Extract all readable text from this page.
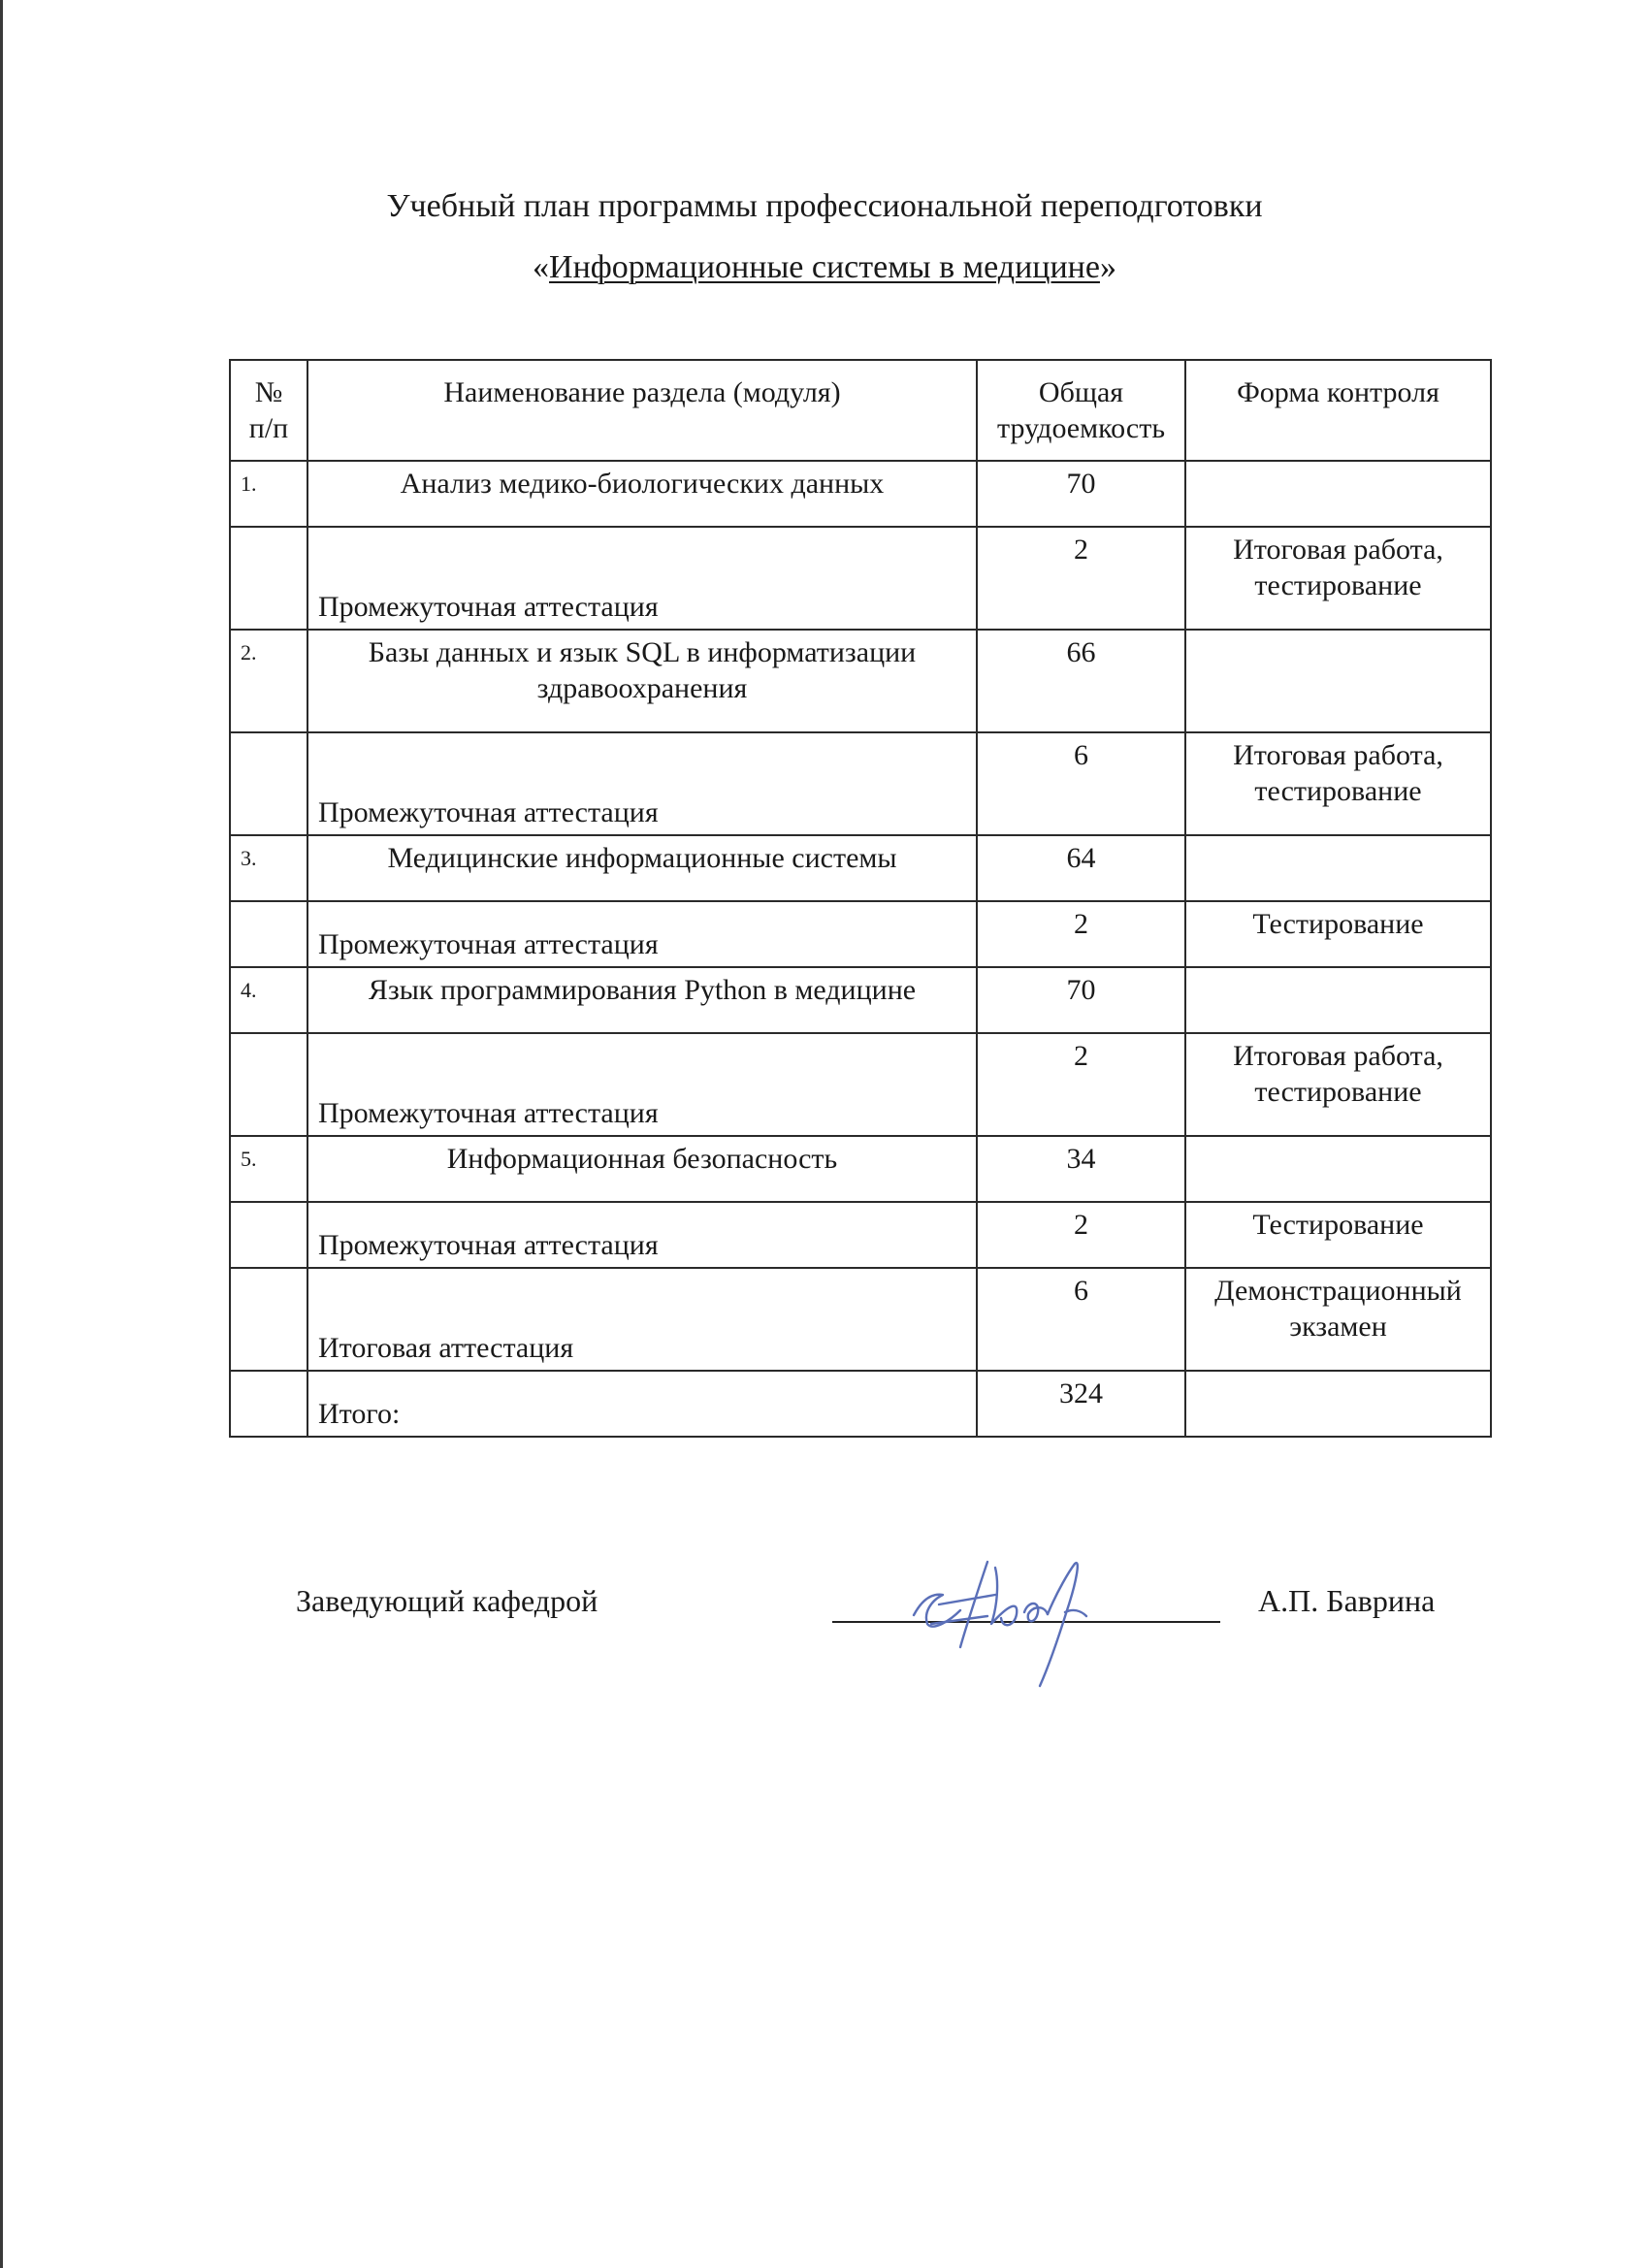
Учебный план программы профессиональной переподготовки
«Информационные системы в медицине»
№ п/п	Наименование раздела (модуля)	Общая трудоемкость	Форма контроля
1.	Анализ медико-биологических данных	70	
	Промежуточная аттестация	2	Итоговая работа, тестирование
2.	Базы данных и язык SQL в информатизации здравоохранения	66	
	Промежуточная аттестация	6	Итоговая работа, тестирование
3.	Медицинские информационные системы	64	
	Промежуточная аттестация	2	Тестирование
4.	Язык программирования Python в медицине	70	
	Промежуточная аттестация	2	Итоговая работа, тестирование
5.	Информационная безопасность	34	
	Промежуточная аттестация	2	Тестирование
	Итоговая аттестация	6	Демонстрационный экзамен
	Итого:	324	
Заведующий кафедрой	А.П. Баврина
